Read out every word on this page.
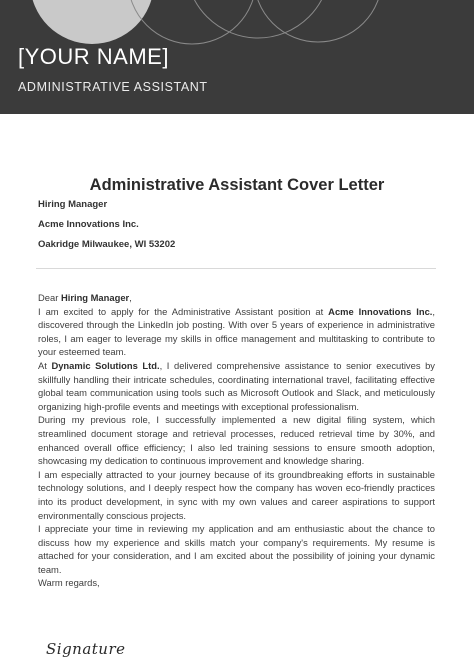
[YOUR NAME]
ADMINISTRATIVE ASSISTANT
Administrative Assistant Cover Letter
Hiring Manager
Acme Innovations Inc.
Oakridge Milwaukee, WI 53202

Dear Hiring Manager,

I am excited to apply for the Administrative Assistant position at Acme Innovations Inc., discovered through the LinkedIn job posting. With over 5 years of experience in administrative roles, I am eager to leverage my skills in office management and multitasking to contribute to your esteemed team.

At Dynamic Solutions Ltd., I delivered comprehensive assistance to senior executives by skillfully handling their intricate schedules, coordinating international travel, facilitating effective global team communication using tools such as Microsoft Outlook and Slack, and meticulously organizing high-profile events and meetings with exceptional professionalism.

During my previous role, I successfully implemented a new digital filing system, which streamlined document storage and retrieval processes, reduced retrieval time by 30%, and enhanced overall office efficiency; I also led training sessions to ensure smooth adoption, showcasing my dedication to continuous improvement and knowledge sharing.

I am especially attracted to your journey because of its groundbreaking efforts in sustainable technology solutions, and I deeply respect how the company has woven eco-friendly practices into its product development, in sync with my own values and career aspirations to support environmentally conscious projects.

I appreciate your time in reviewing my application and am enthusiastic about the chance to discuss how my experience and skills match your company's requirements. My resume is attached for your consideration, and I am excited about the possibility of joining your dynamic team.

Warm regards,

Signature
